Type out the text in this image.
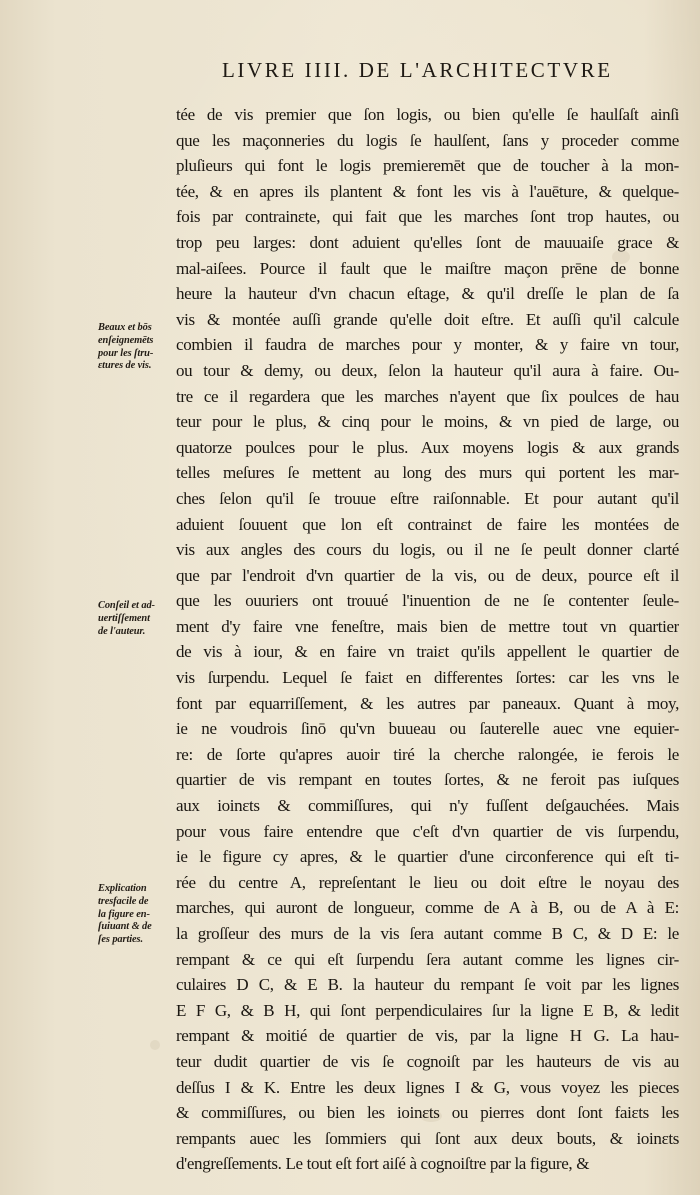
LIVRE IIII. DE L'ARCHITECTVRE
tée de vis premier que ſon logis, ou bien qu'elle ſe haulſaſt ainſi
que les maçonneries du logis ſe haulſent, ſans y proceder comme
pluſieurs qui font le logis premieremēt que de toucher à la mon-
tée, & en apres ils plantent & font les vis à l'auēture, & quelque-
fois par contrainɛte, qui fait que les marches ſont trop hautes, ou
trop peu larges: dont aduient qu'elles ſont de mauuaiſe grace &
mal-aiſees. Pource il fault que le maiſtre maçon prēne de bonne
heure la hauteur d'vn chacun eſtage, & qu'il dreſſe le plan de ſa
vis & montée auſſi grande qu'elle doit eſtre. Et auſſi qu'il calcule
combien il faudra de marches pour y monter, & y faire vn tour,
ou tour & demy, ou deux, ſelon la hauteur qu'il aura à faire. Ou-
tre ce il regardera que les marches n'ayent que ſix poulces de hau
teur pour le plus, & cinq pour le moins, & vn pied de large, ou
quatorze poulces pour le plus. Aux moyens logis & aux grands
telles meſures ſe mettent au long des murs qui portent les mar-
ches ſelon qu'il ſe trouue eſtre raiſonnable. Et pour autant qu'il
aduient ſouuent que lon eſt contrainɛt de faire les montées de
vis aux angles des cours du logis, ou il ne ſe peult donner clarté
que par l'endroit d'vn quartier de la vis, ou de deux, pource eſt il
que les ouuriers ont trouué l'inuention de ne ſe contenter ſeule-
ment d'y faire vne feneſtre, mais bien de mettre tout vn quartier
de vis à iour, & en faire vn traiɛt qu'ils appellent le quartier de
vis ſurpendu. Lequel ſe faiɛt en differentes ſortes: car les vns le
font par equarriſſement, & les autres par paneaux. Quant à moy,
ie ne voudrois ſinō qu'vn buueau ou ſauterelle auec vne equier-
re: de ſorte qu'apres auoir tiré la cherche ralongée, ie ferois le
quartier de vis rempant en toutes ſortes, & ne feroit pas iuſques
aux ioinɛts & commiſſures, qui n'y fuſſent deſgauchées. Mais
pour vous faire entendre que c'eſt d'vn quartier de vis ſurpendu,
ie le figure cy apres, & le quartier d'une circonference qui eſt ti-
rée du centre A, repreſentant le lieu ou doit eſtre le noyau des
marches, qui auront de longueur, comme de A à B, ou de A à E:
la groſſeur des murs de la vis ſera autant comme B C, & D E: le
rempant & ce qui eſt ſurpendu ſera autant comme les lignes cir-
culaires D C, & E B. la hauteur du rempant ſe voit par les lignes
E F G, & B H, qui ſont perpendiculaires ſur la ligne E B, & ledit
rempant & moitié de quartier de vis, par la ligne H G. La hau-
teur dudit quartier de vis ſe cognoiſt par les hauteurs de vis au
deſſus I & K. Entre les deux lignes I & G, vous voyez les pieces
& commiſſures, ou bien les ioinɛts ou pierres dont ſont faiɛts les
rempants auec les ſommiers qui ſont aux deux bouts, & ioinɛts
d'engreſſements. Le tout eſt fort aiſé à cognoiſtre par la figure, &
Beaux et bōs
enſeignemēts
pour les ſtru-
ɛtures de vis.
Conſeil et ad-
uertiſſement
de l'auteur.
Explication
tresfacile de
la figure en-
ſuiuant & de
ſes parties.
